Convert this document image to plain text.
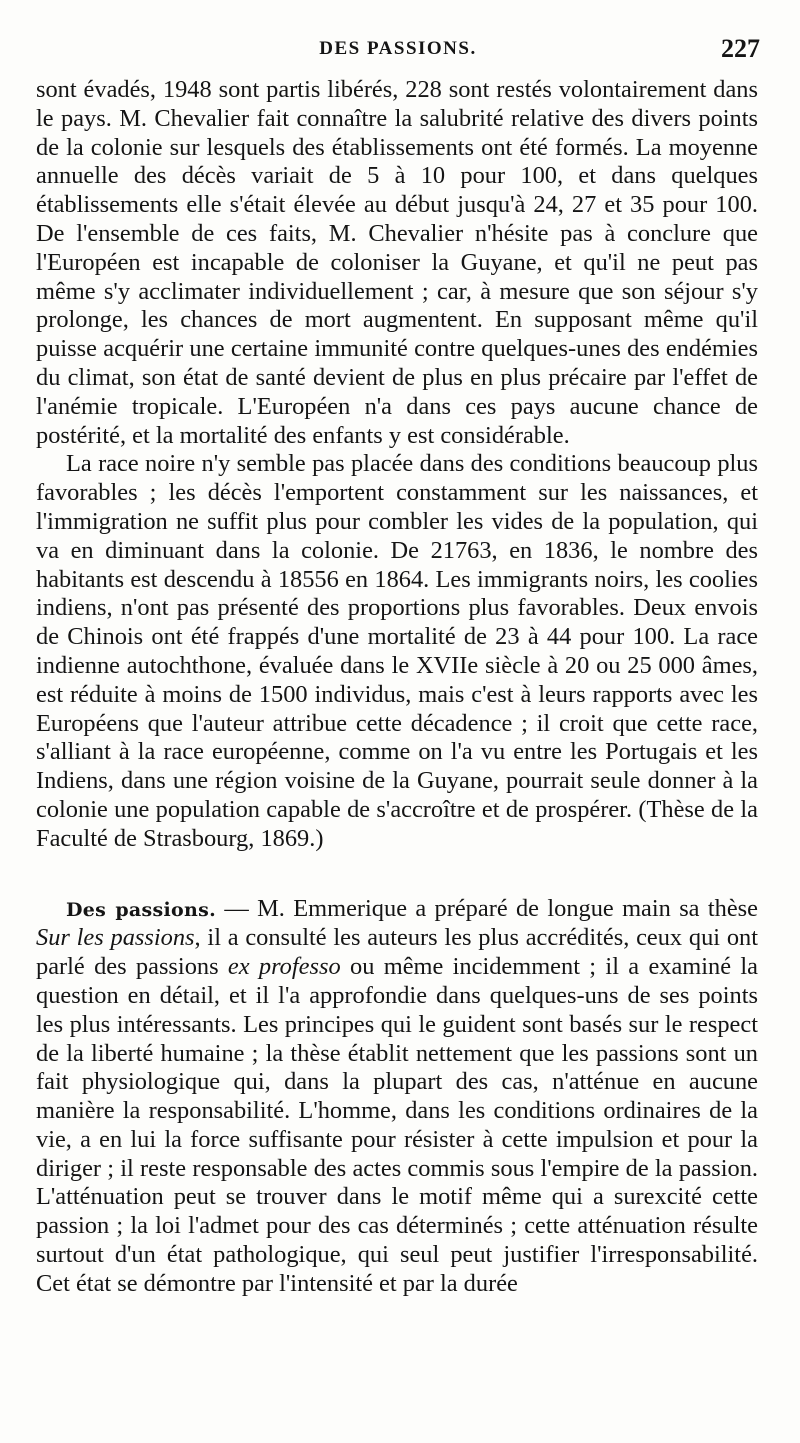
DES PASSIONS.	227

sont évadés, 1948 sont partis libérés, 228 sont restés volontairement dans le pays. M. Chevalier fait connaître la salubrité relative des divers points de la colonie sur lesquels des établissements ont été formés. La moyenne annuelle des décès variait de 5 à 10 pour 100, et dans quelques établissements elle s'était élevée au début jusqu'à 24, 27 et 35 pour 100. De l'ensemble de ces faits, M. Chevalier n'hésite pas à conclure que l'Européen est incapable de coloniser la Guyane, et qu'il ne peut pas même s'y acclimater individuellement ; car, à mesure que son séjour s'y prolonge, les chances de mort augmentent. En supposant même qu'il puisse acquérir une certaine immunité contre quelques-unes des endémies du climat, son état de santé devient de plus en plus précaire par l'effet de l'anémie tropicale. L'Européen n'a dans ces pays aucune chance de postérité, et la mortalité des enfants y est considérable.

La race noire n'y semble pas placée dans des conditions beaucoup plus favorables ; les décès l'emportent constamment sur les naissances, et l'immigration ne suffit plus pour combler les vides de la population, qui va en diminuant dans la colonie. De 21763, en 1836, le nombre des habitants est descendu à 18556 en 1864. Les immigrants noirs, les coolies indiens, n'ont pas présenté des proportions plus favorables. Deux envois de Chinois ont été frappés d'une mortalité de 23 à 44 pour 100. La race indienne autochthone, évaluée dans le XVIIe siècle à 20 ou 25 000 âmes, est réduite à moins de 1500 individus, mais c'est à leurs rapports avec les Européens que l'auteur attribue cette décadence ; il croit que cette race, s'alliant à la race européenne, comme on l'a vu entre les Portugais et les Indiens, dans une région voisine de la Guyane, pourrait seule donner à la colonie une population capable de s'accroître et de prospérer. (Thèse de la Faculté de Strasbourg, 1869.)

Des passions. — M. Emmerique a préparé de longue main sa thèse Sur les passions, il a consulté les auteurs les plus accrédités, ceux qui ont parlé des passions ex professo ou même incidemment ; il a examiné la question en détail, et il l'a approfondie dans quelques-uns de ses points les plus intéressants. Les principes qui le guident sont basés sur le respect de la liberté humaine ; la thèse établit nettement que les passions sont un fait physiologique qui, dans la plupart des cas, n'atténue en aucune manière la responsabilité. L'homme, dans les conditions ordinaires de la vie, a en lui la force suffisante pour résister à cette impulsion et pour la diriger ; il reste responsable des actes commis sous l'empire de la passion. L'atténuation peut se trouver dans le motif même qui a surexcité cette passion ; la loi l'admet pour des cas déterminés ; cette atténuation résulte surtout d'un état pathologique, qui seul peut justifier l'irresponsabilité. Cet état se démontre par l'intensité et par la durée
